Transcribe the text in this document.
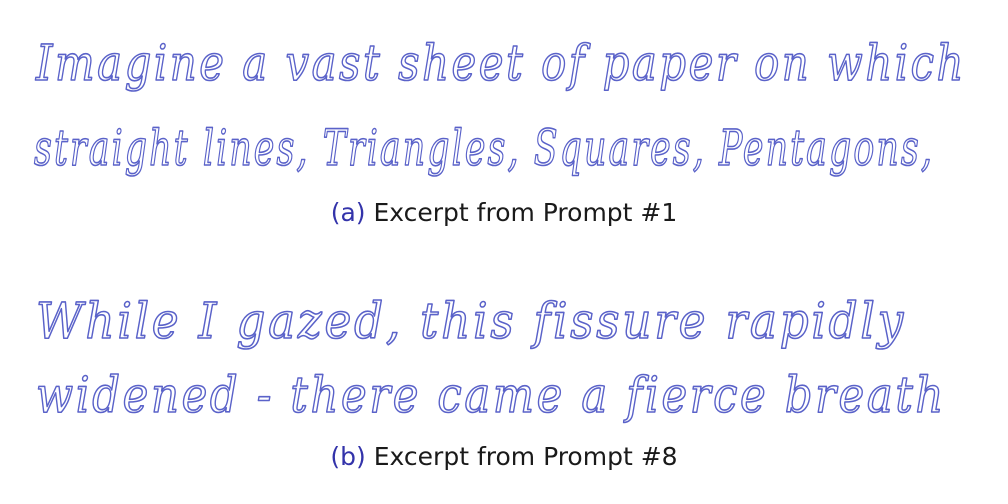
Imagine a vast sheet of paper on which
straight lines, Triangles, Squares, Pentagons,
(a) Excerpt from Prompt #1
While I gazed, this fissure rapidly
widened - there came a fierce breath
(b) Excerpt from Prompt #8
